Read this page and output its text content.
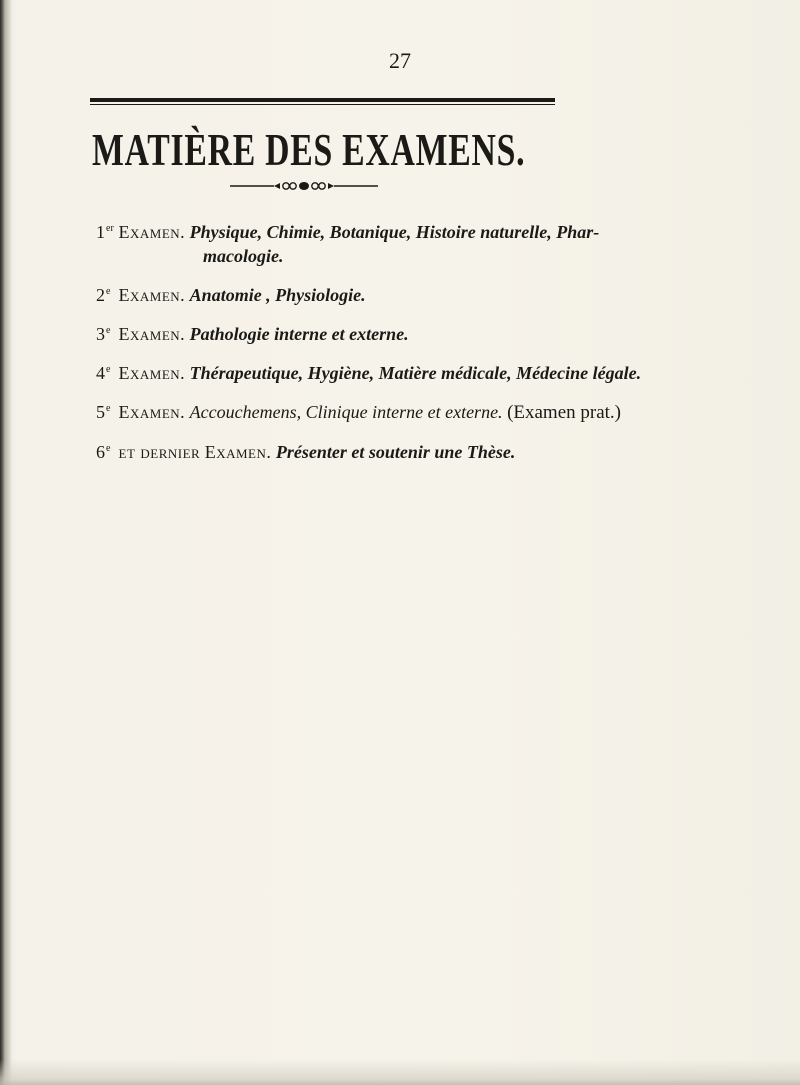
27
MATIÈRE DES EXAMENS.
1er Examen. Physique, Chimie, Botanique, Histoire naturelle, Phar-
macologie.
2e Examen. Anatomie , Physiologie.
3e Examen. Pathologie interne et externe.
4e Examen. Thérapeutique, Hygiène, Matière médicale, Médecine légale.
5e Examen. Accouchemens, Clinique interne et externe. (Examen prat.)
6e et dernier Examen. Présenter et soutenir une Thèse.
